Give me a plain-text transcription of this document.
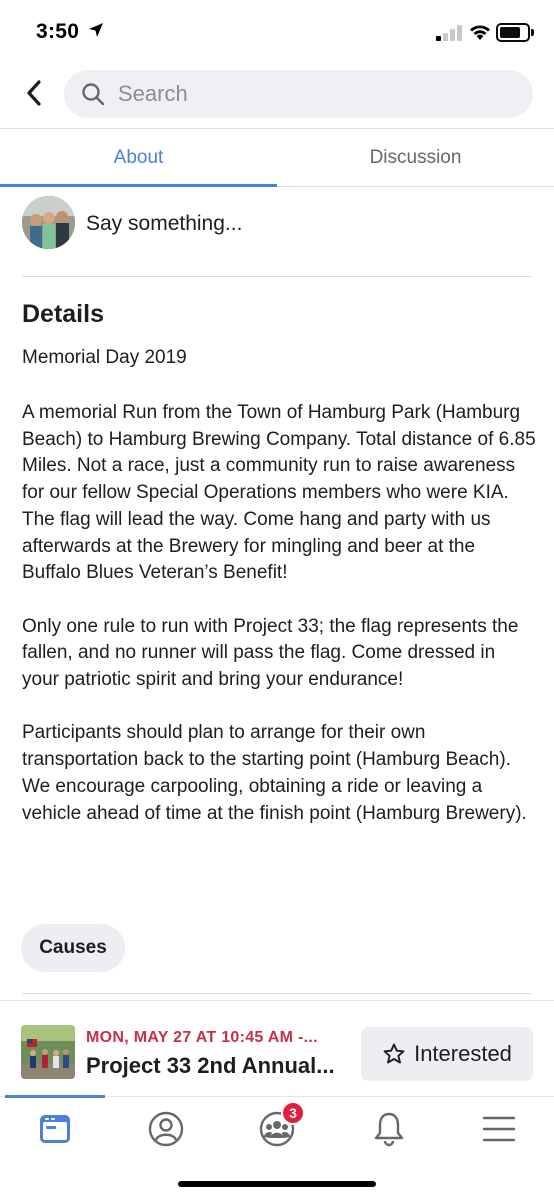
3:50
Search
About	Discussion
Say something...
Details
Memorial Day 2019

A memorial Run from the Town of Hamburg Park (Hamburg Beach) to Hamburg Brewing Company. Total distance of 6.85 Miles. Not a race, just a community run to raise awareness for our fellow Special Operations members who were KIA. The flag will lead the way. Come hang and party with us afterwards at the Brewery for mingling and beer at the Buffalo Blues Veteran’s Benefit!

Only one rule to run with Project 33; the flag represents the fallen, and no runner will pass the flag. Come dressed in your patriotic spirit and bring your endurance!

Participants should plan to arrange for their own transportation back to the starting point (Hamburg Beach). We encourage carpooling, obtaining a ride or leaving a vehicle ahead of time at the finish point (Hamburg Brewery).

Causes
MON, MAY 27 AT 10:45 AM -...
Project 33 2nd Annual...	Interested
3
